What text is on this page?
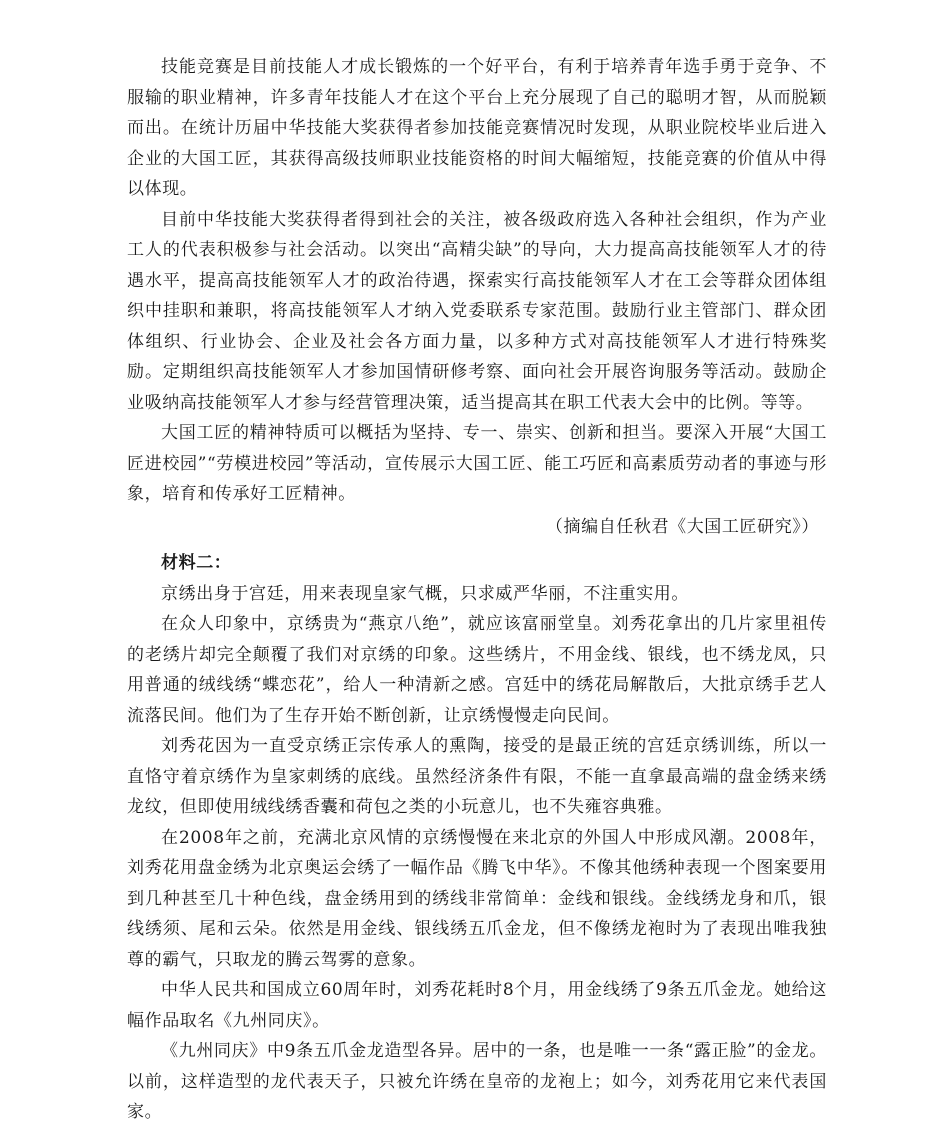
技能竞赛是目前技能人才成长锻炼的一个好平台，有利于培养青年选手勇于竞争、不服输的职业精神，许多青年技能人才在这个平台上充分展现了自己的聪明才智，从而脱颖而出。在统计历届中华技能大奖获得者参加技能竞赛情况时发现，从职业院校毕业后进入企业的大国工匠，其获得高级技师职业技能资格的时间大幅缩短，技能竞赛的价值从中得以体现。

目前中华技能大奖获得者得到社会的关注，被各级政府选入各种社会组织，作为产业工人的代表积极参与社会活动。以突出“高精尖缺”的导向，大力提高高技能领军人才的待遇水平，提高高技能领军人才的政治待遇，探索实行高技能领军人才在工会等群众团体组织中挂职和兼职，将高技能领军人才纳入党委联系专家范围。鼓励行业主管部门、群众团体组织、行业协会、企业及社会各方面力量，以多种方式对高技能领军人才进行特殊奖励。定期组织高技能领军人才参加国情研修考察、面向社会开展咨询服务等活动。鼓励企业吸纳高技能领军人才参与经营管理决策，适当提高其在职工代表大会中的比例。等等。

大国工匠的精神特质可以概括为坚持、专一、崇实、创新和担当。要深入开展“大国工匠进校园”“劳模进校园”等活动，宣传展示大国工匠、能工巧匠和高素质劳动者的事迹与形象，培育和传承好工匠精神。

（摘编自任秋君《大国工匠研究》）

材料二：

京绣出身于宫廷，用来表现皇家气概，只求威严华丽，不注重实用。

在众人印象中，京绣贵为“燕京八绝”，就应该富丽堂皇。刘秀花拿出的几片家里祖传的老绣片却完全颠覆了我们对京绣的印象。这些绣片，不用金线、银线，也不绣龙凤，只用普通的绒线绣“蝶恋花”，给人一种清新之感。宫廷中的绣花局解散后，大批京绣手艺人流落民间。他们为了生存开始不断创新，让京绣慢慢走向民间。

刘秀花因为一直受京绣正宗传承人的熏陶，接受的是最正统的宫廷京绣训练，所以一直恪守着京绣作为皇家刺绣的底线。虽然经济条件有限，不能一直拿最高端的盘金绣来绣龙纹，但即使用绒线绣香囊和荷包之类的小玩意儿，也不失雍容典雅。

在2008年之前，充满北京风情的京绣慢慢在来北京的外国人中形成风潮。2008年，刘秀花用盘金绣为北京奥运会绣了一幅作品《腾飞中华》。不像其他绣种表现一个图案要用到几种甚至几十种色线，盘金绣用到的绣线非常简单：金线和银线。金线绣龙身和爪，银线绣须、尾和云朵。依然是用金线、银线绣五爪金龙，但不像绣龙袍时为了表现出唯我独尊的霸气，只取龙的腾云驾雾的意象。

中华人民共和国成立60周年时，刘秀花耗时8个月，用金线绣了9条五爪金龙。她给这幅作品取名《九州同庆》。

《九州同庆》中9条五爪金龙造型各异。居中的一条，也是唯一一条“露正脸”的金龙。以前，这样造型的龙代表天子，只被允许绣在皇帝的龙袍上；如今，刘秀花用它来代表国家。
